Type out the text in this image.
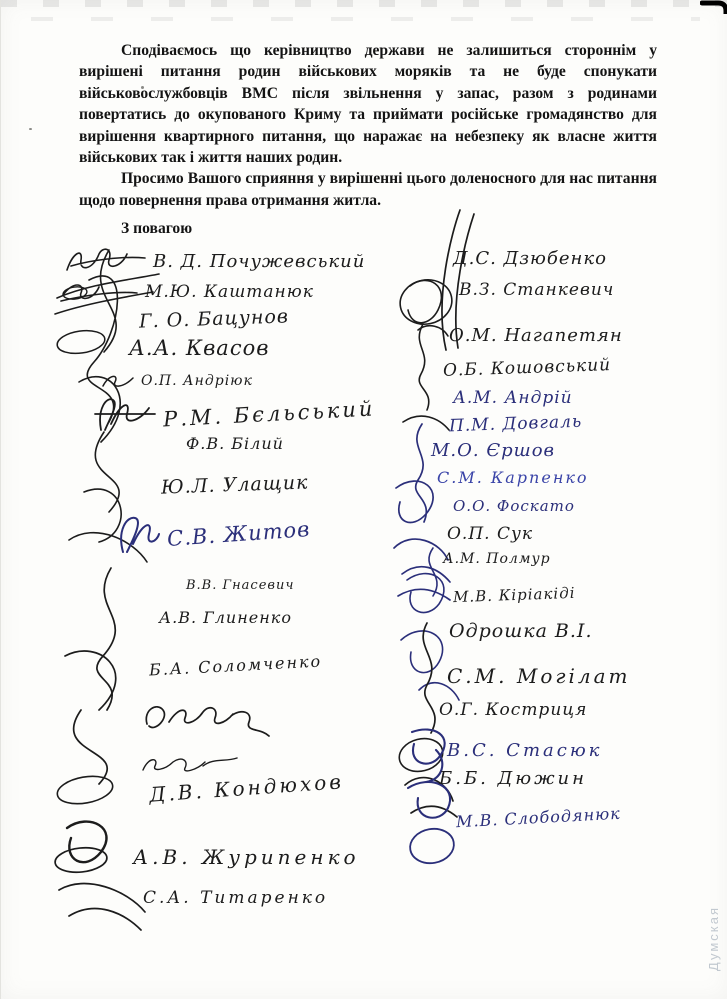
Сподіваємось що керівництво держави не залишиться стороннім у вирішені питання родин військових моряків та не буде спонукати військовослужбовців ВМС після звільнення у запас, разом з родинами повертатись до окупованого Криму та приймати російське громадянство для вирішення квартирного питання, що наражає на небезпеку як власне життя військових так і життя наших родин.

Просимо Вашого сприяння у вирішенні цього доленосного для нас питання щодо повернення права отримання житла.

З повагою
В. Д. Почужевський
М.Ю. Каштанюк
Г. О. Бацунов
А.А. Квасов
О.П. Андріюк
Р.М. Бєльський
Ф.В. Білий
Ю.Л. Улащик
С.В. Житов
В.В. Гнасевич
А.В. Глиненко
Б.А. Соломченко
Д.В. Кондюхов
А.В. Журипенко
С.А. Титаренко
Д.С. Дзюбенко
В.З. Станкевич
О.М. Нагапетян
О.Б. Кошовський
А.М. Андрій
П.М. Довгаль
М.О. Єршов
С.М. Карпенко
О.О. Фоскато
О.П. Сук
А.М. Полмур
М.В. Кіріакіді
Одрошка В.І.
С.М. Могілат
О.Г. Костриця
В.С. Стасюк
Б.Б. Дюжин
М.В. Слободянюк
Думская
